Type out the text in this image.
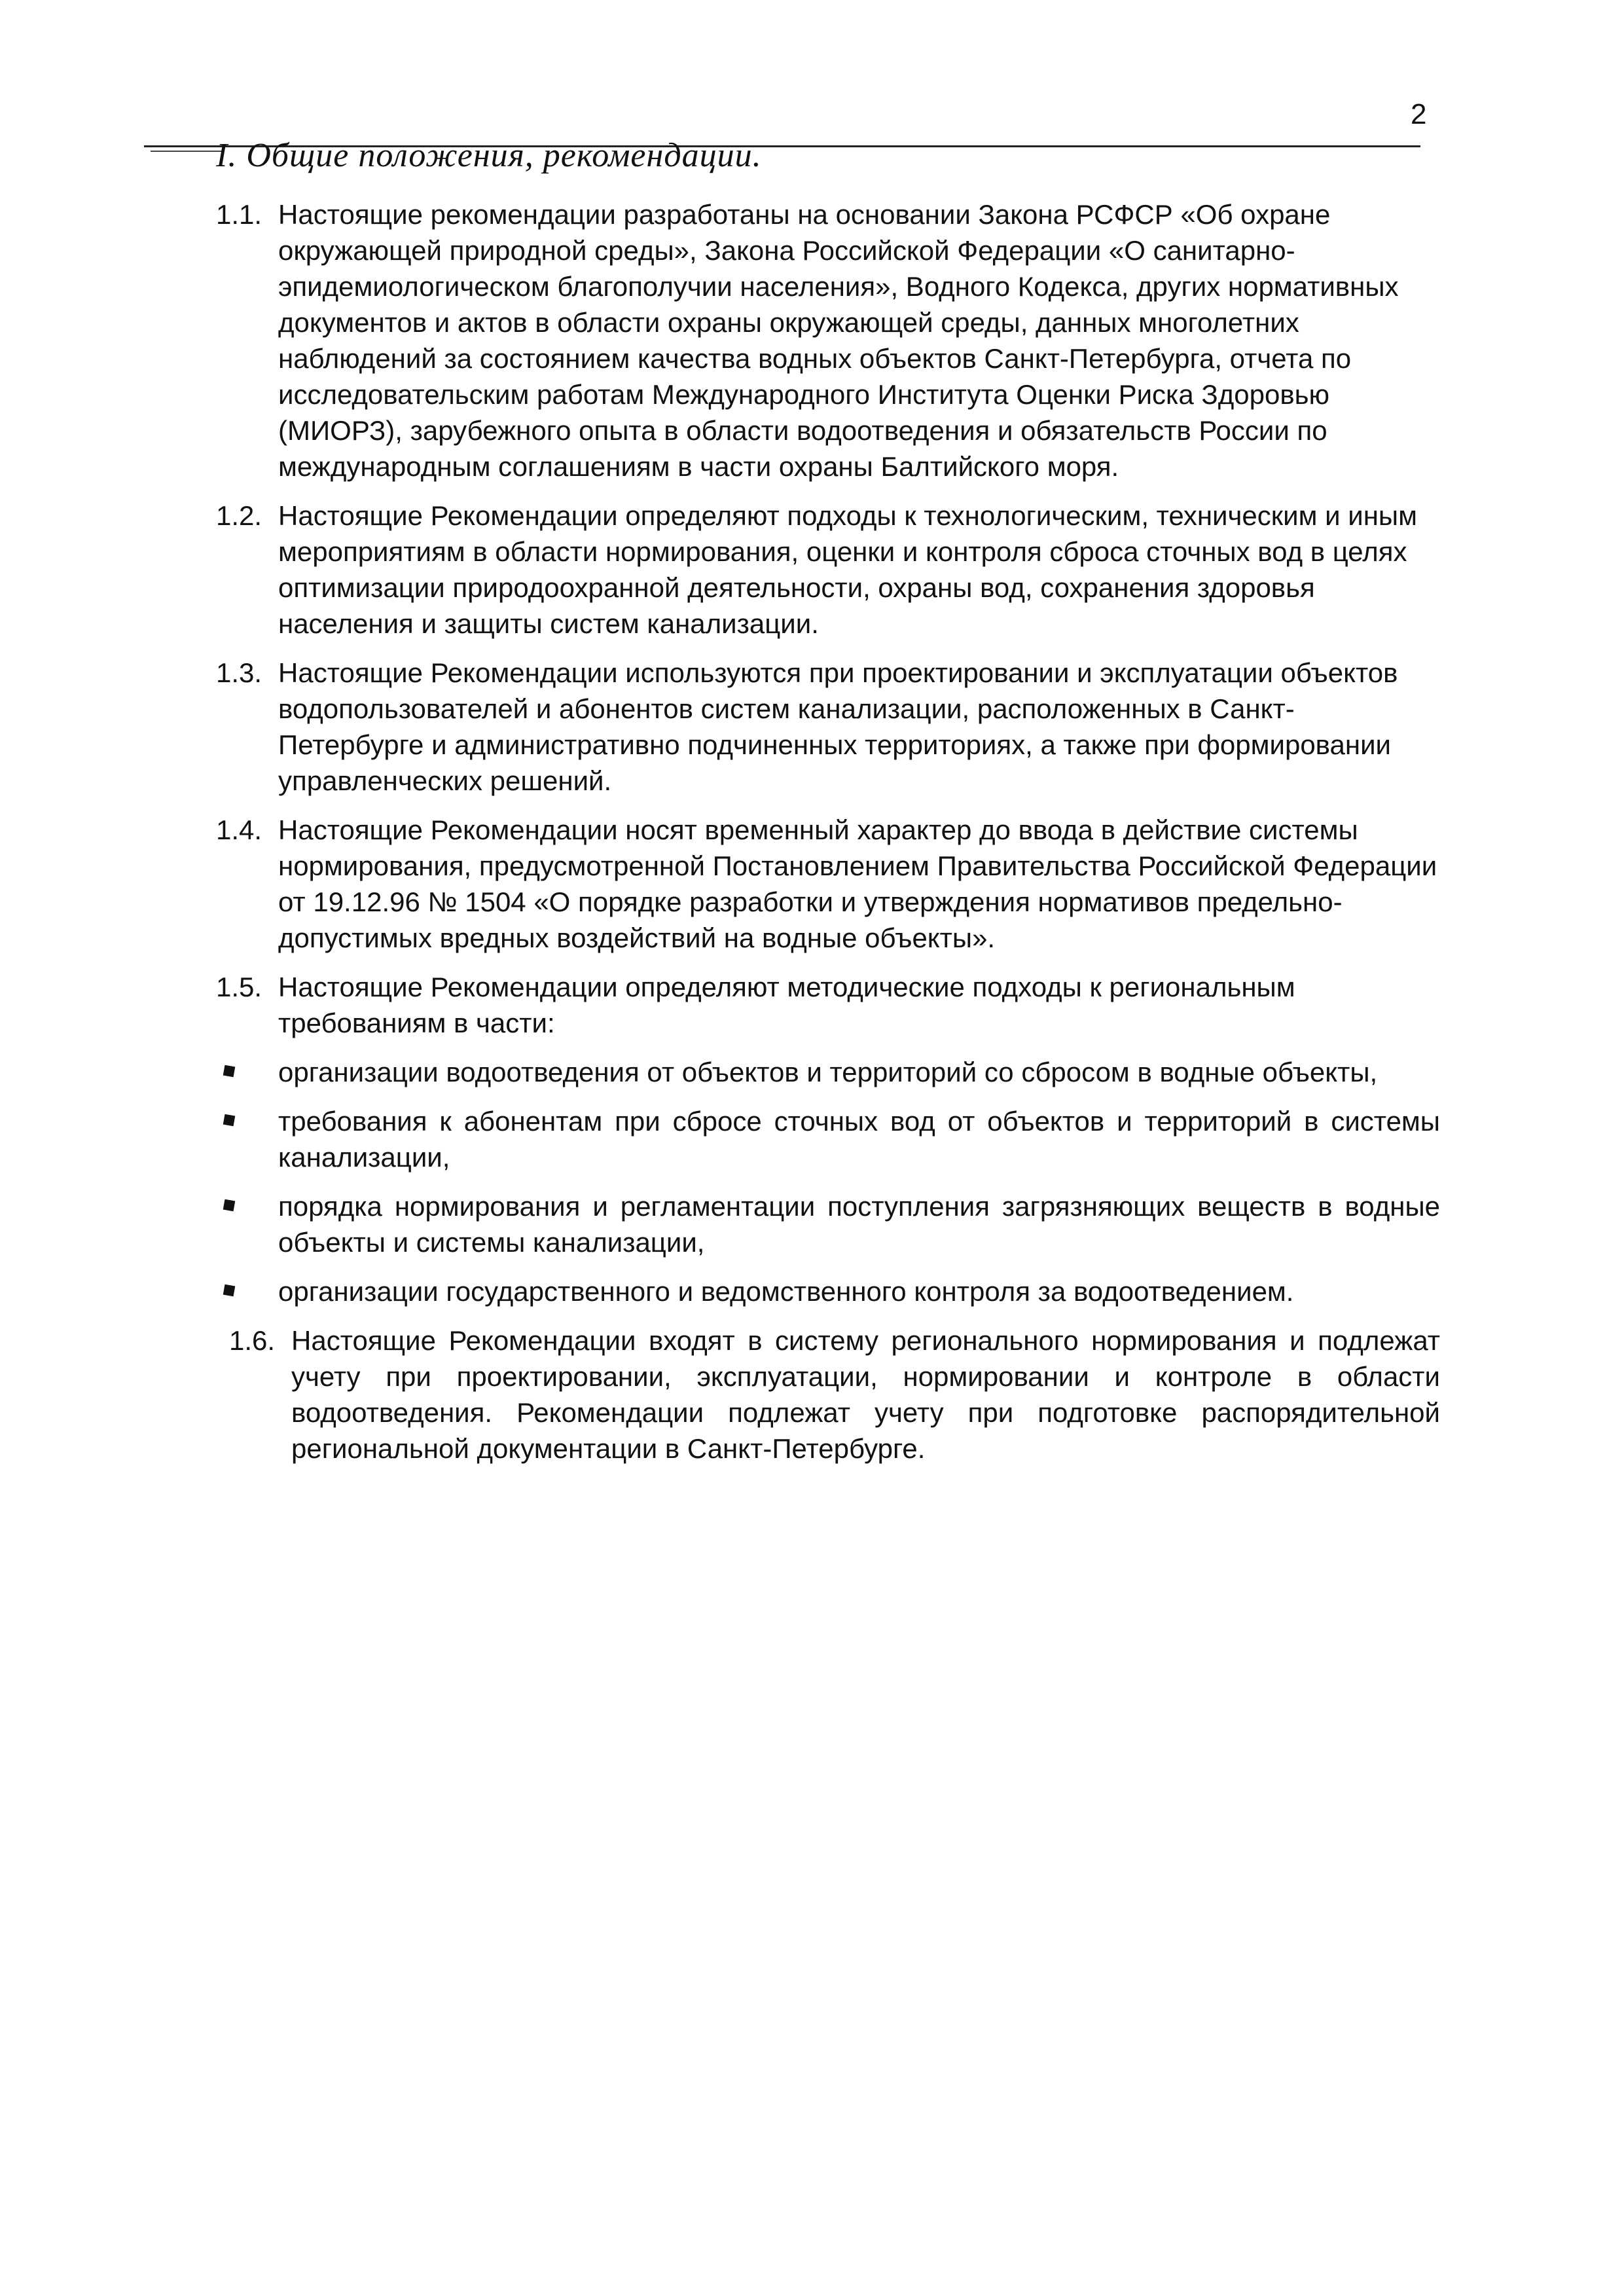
2
I. Общие положения, рекомендации.
1.1. Настоящие рекомендации разработаны на основании Закона РСФСР «Об охране окружающей природной среды», Закона Российской Федерации «О санитарно-эпидемиологическом благополучии населения», Водного Кодекса, других нормативных документов и актов в области охраны окружающей среды, данных многолетних наблюдений за состоянием качества водных объектов Санкт-Петербурга, отчета по исследовательским работам Международного Института Оценки Риска Здоровью (МИОРЗ), зарубежного опыта в области водоотведения и обязательств России по международным соглашениям в части охраны Балтийского моря.
1.2. Настоящие Рекомендации определяют подходы к технологическим, техническим и иным мероприятиям в области нормирования, оценки и контроля сброса сточных вод в целях оптимизации природоохранной деятельности, охраны вод, сохранения здоровья населения и защиты систем канализации.
1.3. Настоящие Рекомендации используются при проектировании и эксплуатации объектов водопользователей и абонентов систем канализации, расположенных в Санкт-Петербурге и административно подчиненных территориях, а также при формировании управленческих решений.
1.4. Настоящие Рекомендации носят временный характер до ввода в действие системы нормирования, предусмотренной Постановлением Правительства Российской Федерации от 19.12.96 № 1504 «О порядке разработки и утверждения нормативов предельно-допустимых вредных воздействий на водные объекты».
1.5. Настоящие Рекомендации определяют методические подходы к региональным требованиям в части:
организации водоотведения от объектов и территорий со сбросом в водные объекты,
требования к абонентам при сбросе сточных вод от объектов и территорий в системы канализации,
порядка нормирования и регламентации поступления загрязняющих веществ в водные объекты и системы канализации,
организации государственного и ведомственного контроля за водоотведением.
1.6. Настоящие Рекомендации входят в систему регионального нормирования и подлежат учету при проектировании, эксплуатации, нормировании и контроле в области водоотведения. Рекомендации подлежат учету при подготовке распорядительной региональной документации в Санкт-Петербурге.
